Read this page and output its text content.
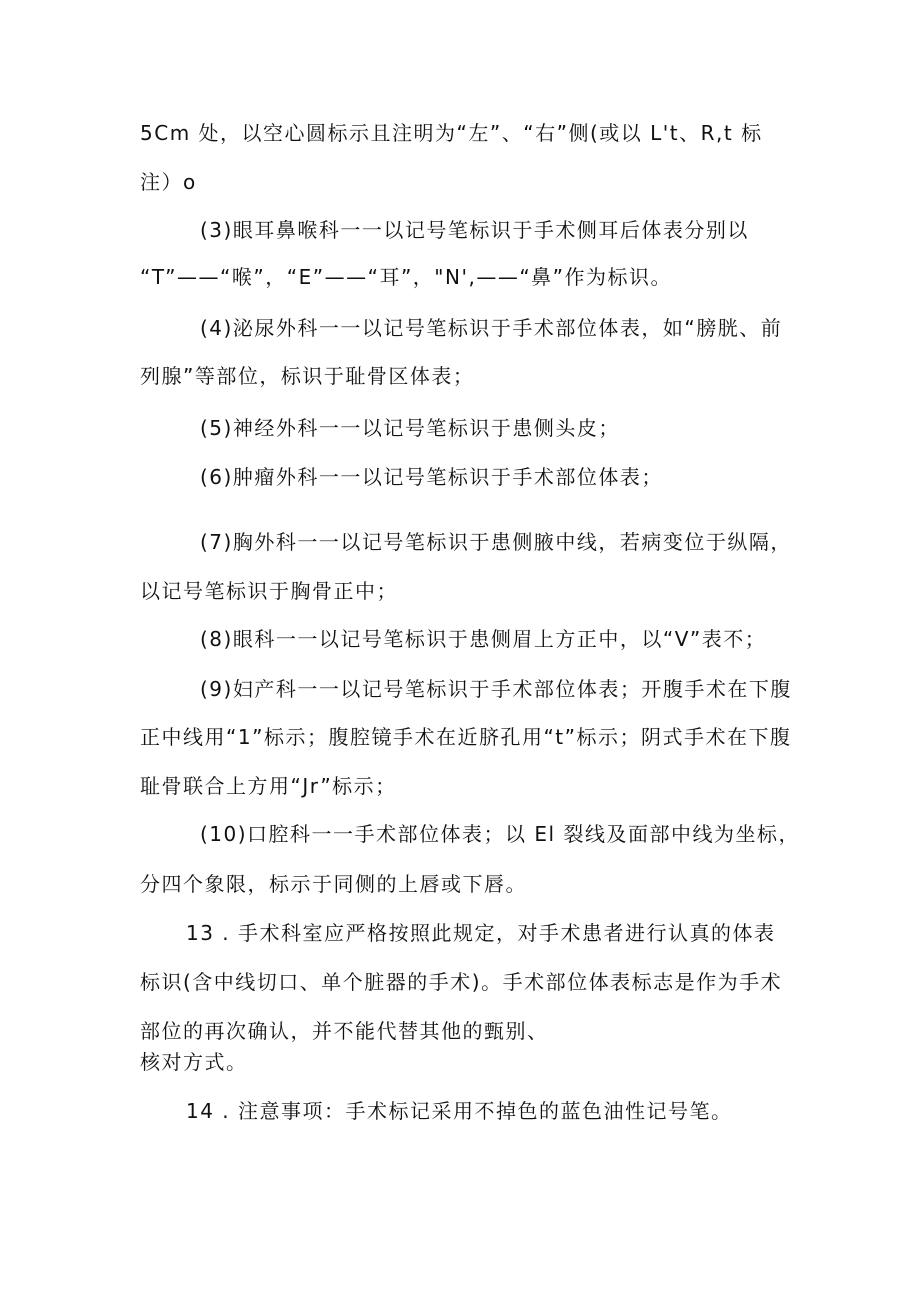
5Cm 处，以空心圆标示且注明为“左”、“右”侧(或以 L't、R,t 标
注）o
(3)眼耳鼻喉科一一以记号笔标识于手术侧耳后体表分别以
“T”——“喉”，“E”——“耳”，"N',——“鼻”作为标识。
(4)泌尿外科一一以记号笔标识于手术部位体表，如“膀胱、前
列腺”等部位，标识于耻骨区体表；
(5)神经外科一一以记号笔标识于患侧头皮；
(6)肿瘤外科一一以记号笔标识于手术部位体表；
(7)胸外科一一以记号笔标识于患侧腋中线，若病变位于纵隔，
以记号笔标识于胸骨正中；
(8)眼科一一以记号笔标识于患侧眉上方正中，以“V”表不；
(9)妇产科一一以记号笔标识于手术部位体表；开腹手术在下腹
正中线用“1”标示；腹腔镜手术在近脐孔用“t”标示；阴式手术在下腹
耻骨联合上方用“Jr”标示；
(10)口腔科一一手术部位体表；以 El 裂线及面部中线为坐标，
分四个象限，标示于同侧的上唇或下唇。
13 . 手术科室应严格按照此规定，对手术患者进行认真的体表
标识(含中线切口、单个脏器的手术)。手术部位体表标志是作为手术
部位的再次确认，并不能代替其他的甄别、
核对方式。
14 . 注意事项：手术标记采用不掉色的蓝色油性记号笔。
